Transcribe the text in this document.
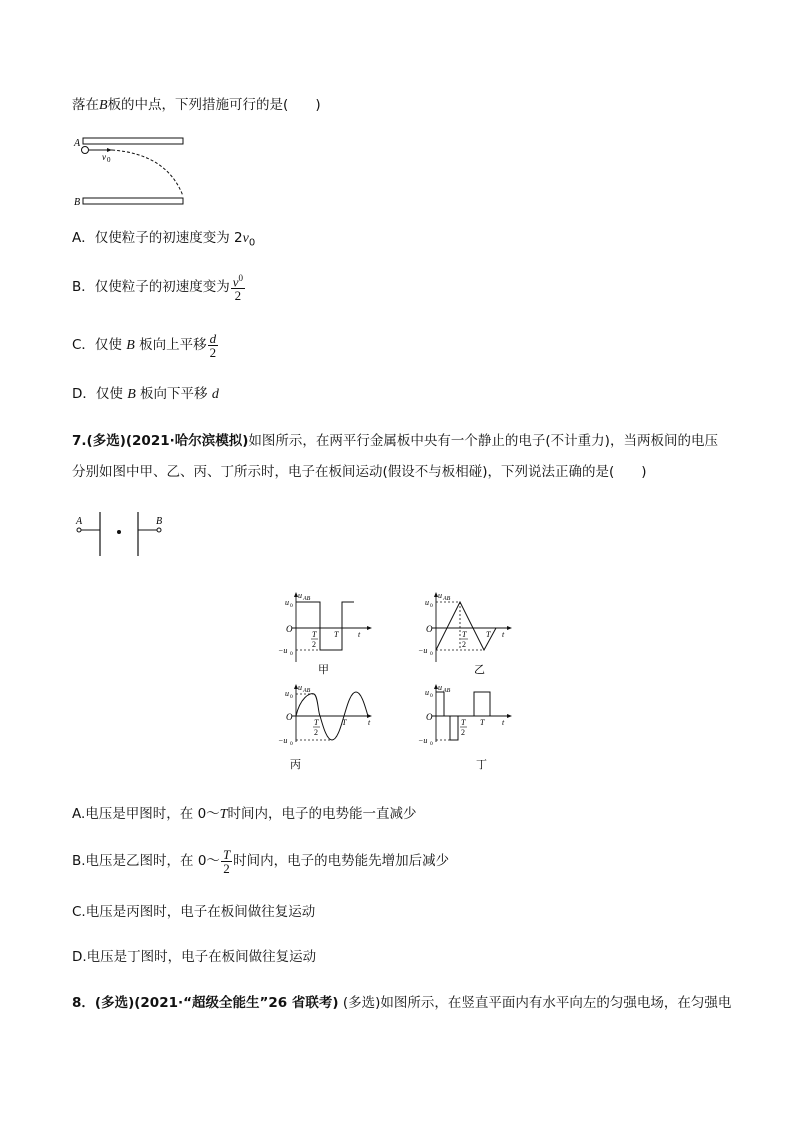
落在B板的中点，下列措施可行的是(　　)
A
B
v 0
A．仅使粒子的初速度变为 $2v_0$
B．仅使粒子的初速度变为 $\frac{v^0}{2}$
C．仅使 B 板向上平移 $\frac{d}{2}$
D．仅使 B 板向下平移 d
7.(多选)(2021·哈尔滨模拟)如图所示，在两平行金属板中央有一个静止的电子(不计重力)，当两板间的电压
分别如图中甲、乙、丙、丁所示时，电子在板间运动(假设不与板相碰)，下列说法正确的是(　　)
A	B
u AB
u 0
−u 0
O
T
2
T t
甲
u AB
u 0
−u 0
O
T
2
T t
乙
u AB
u 0
−u 0
O
T
2
T	t
丙
u AB
u 0
−u 0
O
T
2
T t
丁
A.电压是甲图时，在 0～T时间内，电子的电势能一直减少
B.电压是乙图时，在 0～ $\frac{T}{2}$ 时间内，电子的电势能先增加后减少
C.电压是丙图时，电子在板间做往复运动
D.电压是丁图时，电子在板间做往复运动
8．(多选)(2021·“超级全能生”26 省联考) (多选)如图所示，在竖直平面内有水平向左的匀强电场，在匀强电
